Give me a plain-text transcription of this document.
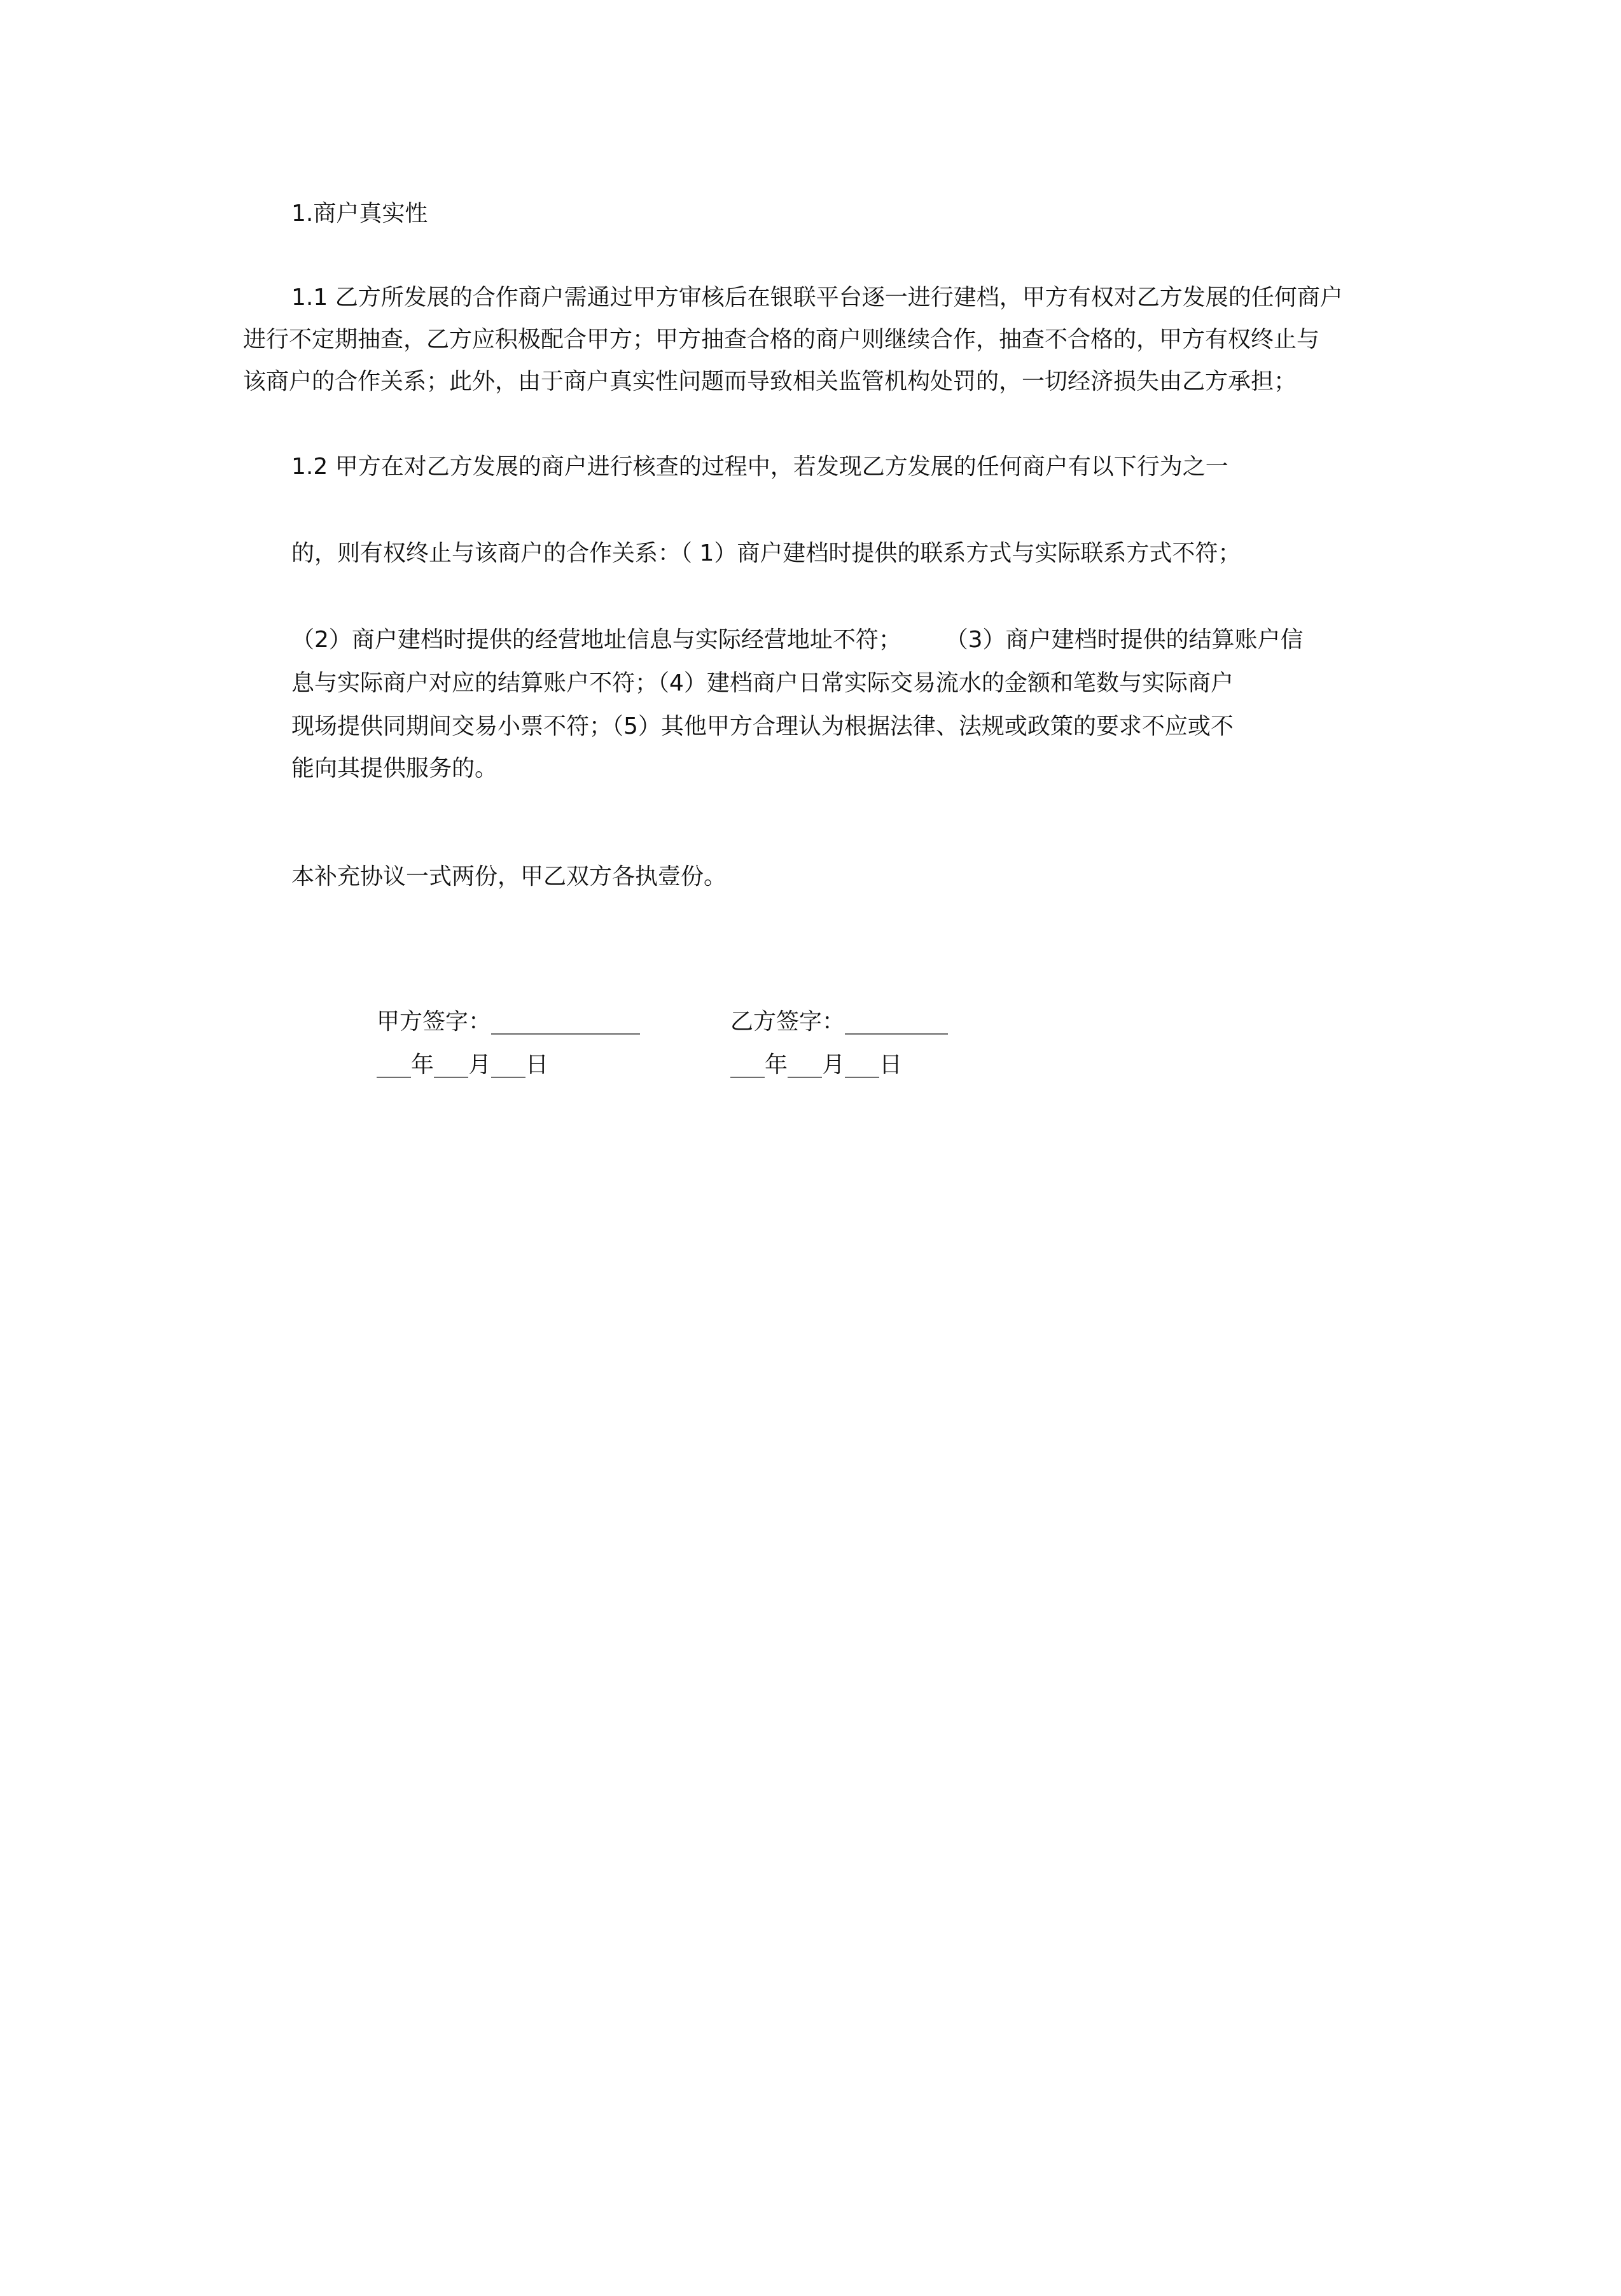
1.商户真实性
1.1 乙方所发展的合作商户需通过甲方审核后在银联平台逐一进行建档，甲方有权对乙方发展的任何商户
进行不定期抽查，乙方应积极配合甲方；甲方抽查合格的商户则继续合作，抽查不合格的，甲方有权终止与
该商户的合作关系；此外，由于商户真实性问题而导致相关监管机构处罚的，一切经济损失由乙方承担；
1.2 甲方在对乙方发展的商户进行核查的过程中，若发现乙方发展的任何商户有以下行为之一
的，则有权终止与该商户的合作关系：（ 1）商户建档时提供的联系方式与实际联系方式不符；
（2）商户建档时提供的经营地址信息与实际经营地址不符；      （3）商户建档时提供的结算账户信
息与实际商户对应的结算账户不符；（4）建档商户日常实际交易流水的金额和笔数与实际商户
现场提供同期间交易小票不符；（5）其他甲方合理认为根据法律、法规或政策的要求不应或不
能向其提供服务的。
本补充协议一式两份，甲乙双方各执壹份。
甲方签字：_____________	乙方签字：_________
___年___月___日	___年___月___日
